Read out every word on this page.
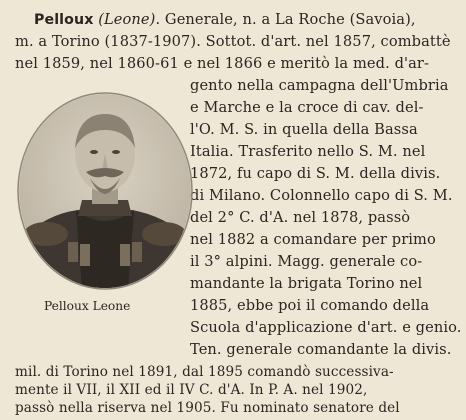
Pelloux (Leone). Generale, n. a La Roche (Savoia),
m. a Torino (1837-1907). Sottot. d'art. nel 1857, combattè
nel 1859, nel 1860-61 e nel 1866 e meritò la med. d'ar-
gento nella campagna dell'Umbria
e Marche e la croce di cav. del-
l'O. M. S. in quella della Bassa
Italia. Trasferito nello S. M. nel
1872, fu capo di S. M. della divis.
di Milano. Colonnello capo di S. M.
del 2° C. d'A. nel 1878, passò
nel 1882 a comandare per primo
il 3° alpini. Magg. generale co-
mandante la brigata Torino nel
1885, ebbe poi il comando della
Scuola d'applicazione d'art. e genio.
Ten. generale comandante la divis.
mil. di Torino nel 1891, dal 1895 comandò successiva-
mente il VII, il XII ed il IV C. d'A. In P. A. nel 1902,
passò nella riserva nel 1905. Fu nominato senatore del
Pelloux Leone
